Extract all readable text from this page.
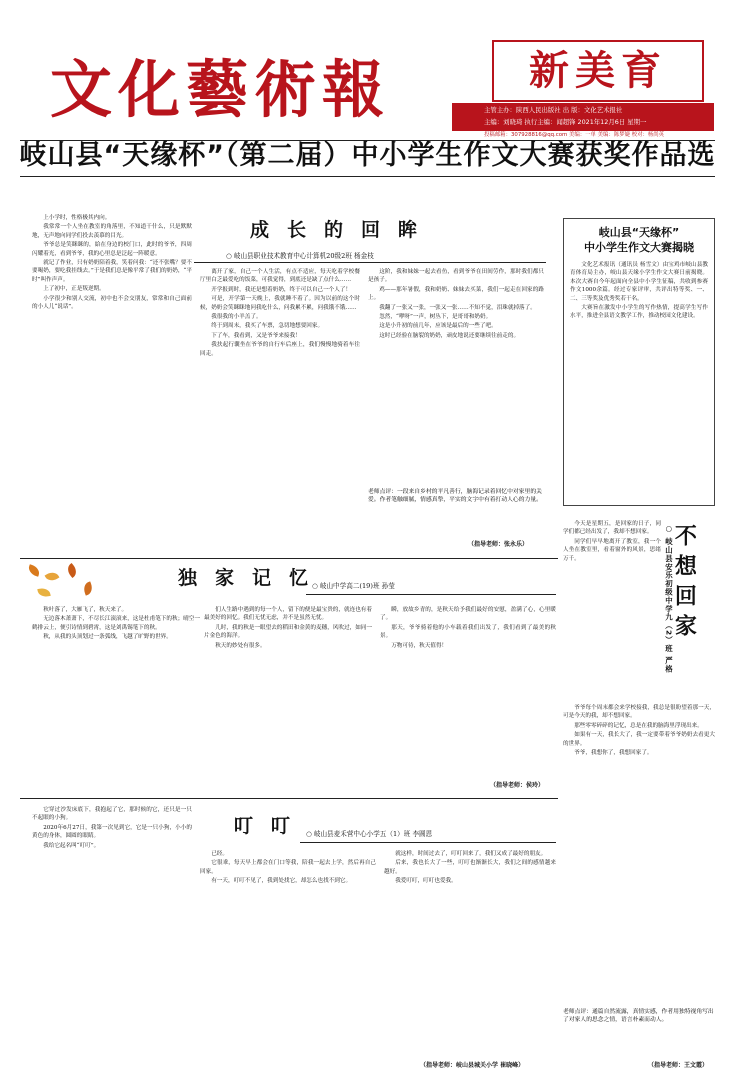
文化藝術報	新美育
主管主办：陕西人民出版社 出 版：文化艺术报社
主编：刘晓琦 执行主编：闻超锋 2021年12月6日 星期一
投稿邮箱：307928816@qq.com 美编：一单 美编：陈梦婕 校对：杨尚英
岐山县“天缘杯”（第二届）中小学生作文大赛获奖作品选
成长的回眸
○ 岐山县职业技术教育中心计算机20级2班 杨金枝

上小学时，性格极其内向。

我常常一个人坐在教室的角落里，不知道干什么，只是默默地，无声地向同学们投去羡慕的目光。

爷爷总是笑眯眯的，給在身边的校门口，此时的爷爷，四周闪耀着光，看到爷爷，我的心里总是泛起一阵暖意。

就记了作业，只有奶奶陪着我，笑着问我：“还不张嘴？要不要喝奶，要吃我挂线去。”于是我们总是像平常了我们的奶奶，“平时”叫作声声。

上了初中，正是叛逆期。

小学很少和别人交流，初中也不会交朋友，常常和自己面前的小人儿“说话”。

离开了家，自己一个人生活，有点不适应，每天吃着学校餐厅里白乏最爱吃的饭菜，可我觉得，到底还是缺了点什么……

开学报到时，我还是想着奶奶，终于可以自己一个人了！

可是，开学第一天晚上，我就睡不着了。因为以前的这个时候，奶奶会笑眯眯地问我吃什么，问我累不累，问我饿不饿……

我很我的小羊羔了。

终于到周末，我买了车票，急切地想要回家。

下了车，我看到，又是爷爷来接我！

我扶起行囊坐在爷爷的自行车后座上，我们慢慢地骑着车往回走。

这阶，我和妹妹一起去看鱼，看到爷爷在田间劳作，那时我们都只是孩子。

鸡——那年暑假，我和奶奶、妹妹去买菜，我们一起走在回家的路上。

我翻了一张又一张，一张又一张……不知不觉，泪珠就掉落了。

忽然，“咿呀”一声，树丛下，是哥哥和奶奶。

这是小升初的前几年，应该是最后的一些了吧。

这时已经验在脑裂的奶奶，顽皮地说还要继续往前走的。

老师点评：一段来自乡村的平凡善行，脑海记录着回忆中对家里的关爱。作者笔触细腻，情感真挚，平实的文字中有着打动人心的力量。
（指导老师：张永乐）
岐山县“天缘杯”
中小学生作文大赛揭晓

文化艺术报讯（通讯员 杨雪文）由宝鸡市岐山县教育体育局主办，岐山县天缘小学生作文大赛日前揭晓。本次大赛自今年起面向全县中小学生征稿，共收到参赛作文1000余篇。经过专家评审，共评出特等奖、一、二、三等奖及优秀奖若干名。

大赛旨在激发中小学生的写作热情，提高学生写作水平，推进全县语文教学工作，推动校园文化建设。

独家记忆
○ 岐山中学高二(19)班 孙莹

秋叶落了，大雁飞了，秋天来了。

无边落木萧萧下，不尽长江滚滚来，这是杜甫笔下的秋；晴空一鹤排云上，便引诗情到碧霄，这是刘禹锡笔下的秋。

秋，从我的头顶划过一条弧线，飞越了旷野的世界。

们人生路中遇到的每一个人，留下的便是最宝贵的，就连也有着最美好的回忆。我们无忧无虑，并不是虽然无忧。

儿时，我的秋是一眼望去的稻田和金黄的麦穗，风吹过，如同一片金色的海洋。

秋天的妙处有很多。

瞬，放故乡青的，是秋天给予我们最好的安慰，盈满了心，心里暖了。

那天，爷爷骑着他的小车载着我们出发了，我们看到了最美的秋景。

万物可待，秋天值得！

（指导老师：侯玲）

它穿过沙发床底下，我抱起了它，那时候的它，还只是一只不起眼的小狗。

2020年6月27日，我第一次见到它，它是一只小狗，小小的黄色的身体，圆圆的眼睛。

我给它起名叫“叮叮”。

叮叮
○ 岐山县麦禾营中心小学五（1）班 李圆恩

已经。

它很乖，每天早上都会在门口等我，陪我一起去上学，然后再自己回家。

有一天，叮叮不见了，我到处找它，却怎么也找不到它。

就这样，时间过去了，叮叮回来了，我们又成了最好的朋友。

后来，我也长大了一些，叮叮也渐渐长大，我们之间的感情越来越好。

我爱叮叮，叮叮也爱我。

（指导老师：岐山县城关小学 崔晓峰）
不想回家
○ 岐山县安乐初级中学九（2）班 严格

今天是星期五，是回家的日子，同学们都已经出发了，我却不想回家。

同学们早早地离开了教室，我一个人坐在教室里，看着窗外的风景，思绪万千。

爷爷每个周末都会来学校接我，我总是很盼望着那一天，可是今天的我，却不想回家。

那些零零碎碎的记忆，总是在我的脑海里浮现出来。

如果有一天，我长大了，我一定要带着爷爷奶奶去看更大的世界。

爷爷，我想你了，我想回家了。

老师点评：通篇自然流露，真情实感，作者用独特视角写出了对家人的思念之情，语言朴素而动人。
（指导老师：王文霞）
